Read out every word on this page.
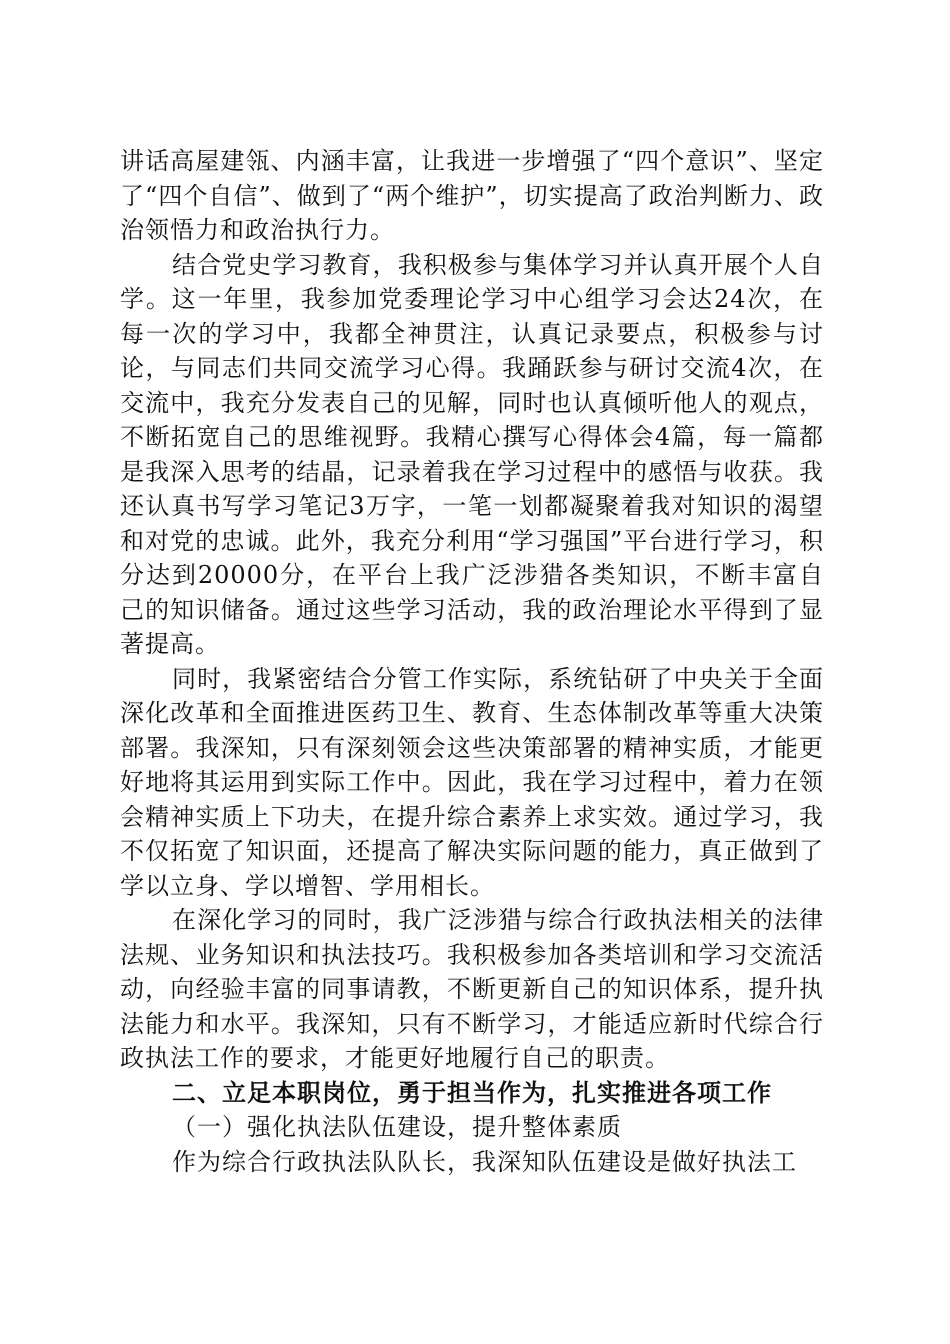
讲话高屋建瓴、内涵丰富，让我进一步增强了“四个意识”、坚定了“四个自信”、做到了“两个维护”，切实提高了政治判断力、政治领悟力和政治执行力。

结合党史学习教育，我积极参与集体学习并认真开展个人自学。这一年里，我参加党委理论学习中心组学习会达24次，在每一次的学习中，我都全神贯注，认真记录要点，积极参与讨论，与同志们共同交流学习心得。我踊跃参与研讨交流4次，在交流中，我充分发表自己的见解，同时也认真倾听他人的观点，不断拓宽自己的思维视野。我精心撰写心得体会4篇，每一篇都是我深入思考的结晶，记录着我在学习过程中的感悟与收获。我还认真书写学习笔记3万字，一笔一划都凝聚着我对知识的渴望和对党的忠诚。此外，我充分利用“学习强国”平台进行学习，积分达到20000分，在平台上我广泛涉猎各类知识，不断丰富自己的知识储备。通过这些学习活动，我的政治理论水平得到了显著提高。

同时，我紧密结合分管工作实际，系统钻研了中央关于全面深化改革和全面推进医药卫生、教育、生态体制改革等重大决策部署。我深知，只有深刻领会这些决策部署的精神实质，才能更好地将其运用到实际工作中。因此，我在学习过程中，着力在领会精神实质上下功夫，在提升综合素养上求实效。通过学习，我不仅拓宽了知识面，还提高了解决实际问题的能力，真正做到了学以立身、学以增智、学用相长。

在深化学习的同时，我广泛涉猎与综合行政执法相关的法律法规、业务知识和执法技巧。我积极参加各类培训和学习交流活动，向经验丰富的同事请教，不断更新自己的知识体系，提升执法能力和水平。我深知，只有不断学习，才能适应新时代综合行政执法工作的要求，才能更好地履行自己的职责。

二、立足本职岗位，勇于担当作为，扎实推进各项工作

（一）强化执法队伍建设，提升整体素质

作为综合行政执法队队长，我深知队伍建设是做好执法工
